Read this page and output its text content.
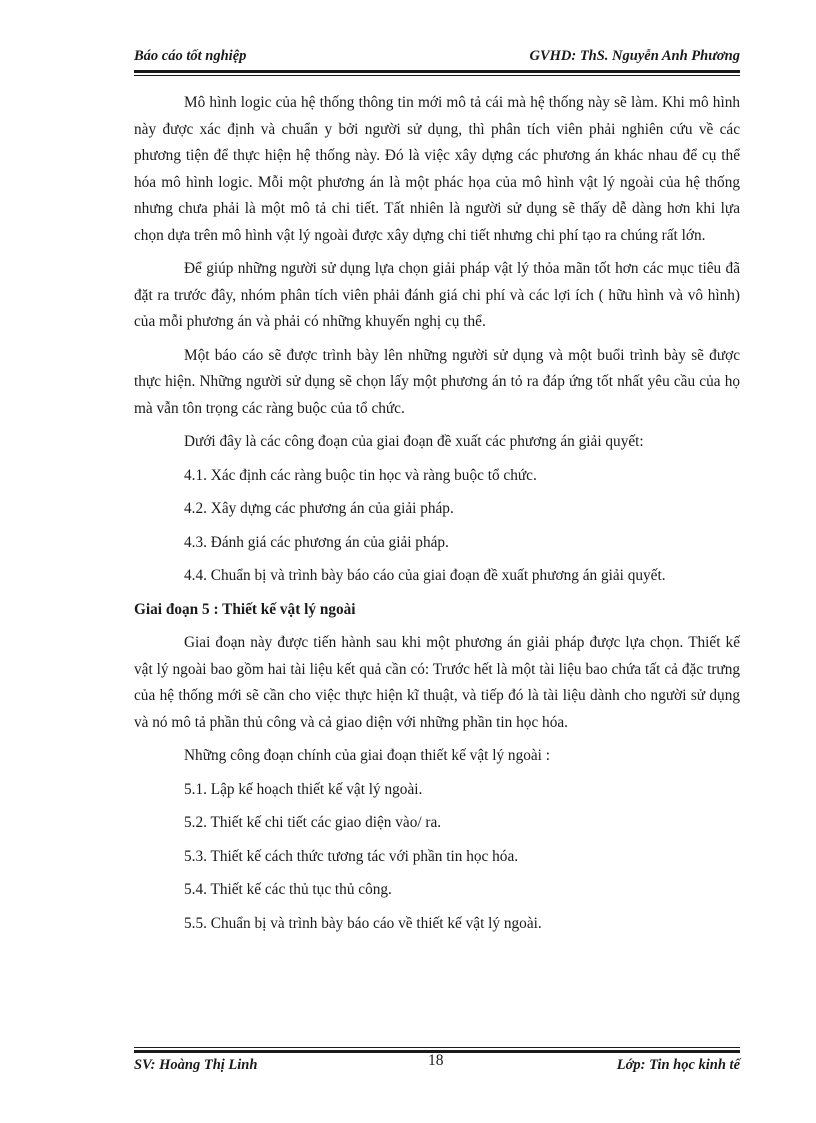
Báo cáo tốt nghiệp	GVHD: ThS. Nguyễn Anh Phương

Mô hình logic của hệ thống thông tin mới mô tả cái mà hệ thống này sẽ làm. Khi mô hình này được xác định và chuẩn y bởi người sử dụng, thì phân tích viên phải nghiên cứu về các phương tiện để thực hiện hệ thống này. Đó là việc xây dựng các phương án khác nhau để cụ thể hóa mô hình logic. Mỗi một phương án là một phác họa của mô hình vật lý ngoài của hệ thống nhưng chưa phải là một mô tả chi tiết. Tất nhiên là người sử dụng sẽ thấy dễ dàng hơn khi lựa chọn dựa trên mô hình vật lý ngoài được xây dựng chi tiết nhưng chi phí tạo ra chúng rất lớn.

Để giúp những người sử dụng lựa chọn giải pháp vật lý thỏa mãn tốt hơn các mục tiêu đã đặt ra trước đây, nhóm phân tích viên phải đánh giá chi phí và các lợi ích ( hữu hình và vô hình) của mỗi phương án và phải có những khuyến nghị cụ thể.

Một báo cáo sẽ được trình bày lên những người sử dụng và một buổi trình bày sẽ được thực hiện. Những người sử dụng sẽ chọn lấy một phương án tỏ ra đáp ứng tốt nhất yêu cầu của họ mà vẫn tôn trọng các ràng buộc của tổ chức.

Dưới đây là các công đoạn của giai đoạn đề xuất các phương án giải quyết:

4.1. Xác định các ràng buộc tin học và ràng buộc tổ chức.

4.2. Xây dựng các phương án của giải pháp.

4.3. Đánh giá các phương án của giải pháp.

4.4. Chuẩn bị và trình bày báo cáo của giai đoạn đề xuất phương án giải quyết.

Giai đoạn 5 : Thiết kế vật lý ngoài

Giai đoạn này được tiến hành sau khi một phương án giải pháp được lựa chọn. Thiết kế vật lý ngoài bao gồm hai tài liệu kết quả cần có: Trước hết là một tài liệu bao chứa tất cả đặc trưng của hệ thống mới sẽ cần cho việc thực hiện kĩ thuật, và tiếp đó là tài liệu dành cho người sử dụng và nó mô tả phần thủ công và cả giao diện với những phần tin học hóa.

Những công đoạn chính của giai đoạn thiết kế vật lý ngoài :

5.1. Lập kế hoạch thiết kế vật lý ngoài.

5.2. Thiết kế chi tiết các giao diện vào/ ra.

5.3. Thiết kế cách thức tương tác với phần tin học hóa.

5.4. Thiết kế các thủ tục thủ công.

5.5. Chuẩn bị và trình bày báo cáo về thiết kế vật lý ngoài.

SV: Hoàng Thị Linh	18	Lớp: Tin học kinh tế
